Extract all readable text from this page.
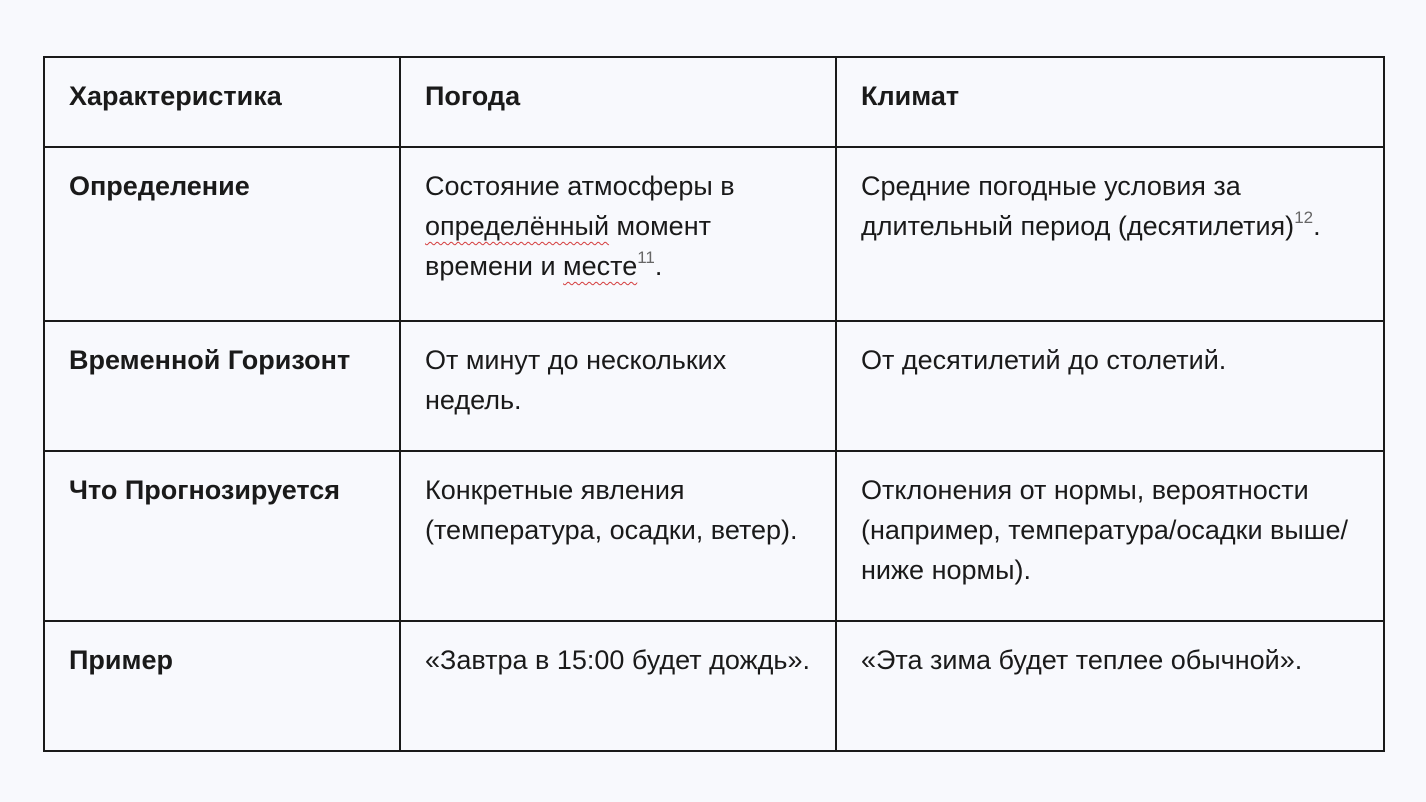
Характеристика	Погода	Климат
Определение	Состояние атмосферы в определённый момент времени и месте$^{11}$.	Средние погодные условия за длительный период (десятилетия)$^{12}$.
Временной Горизонт	От минут до нескольких недель.	От десятилетий до столетий.
Что Прогнозируется	Конкретные явления (температура, осадки, ветер).	Отклонения от нормы, вероятности (например, температура/осадки выше/ниже нормы).
Пример	«Завтра в 15:00 будет дождь».	«Эта зима будет теплее обычной».
